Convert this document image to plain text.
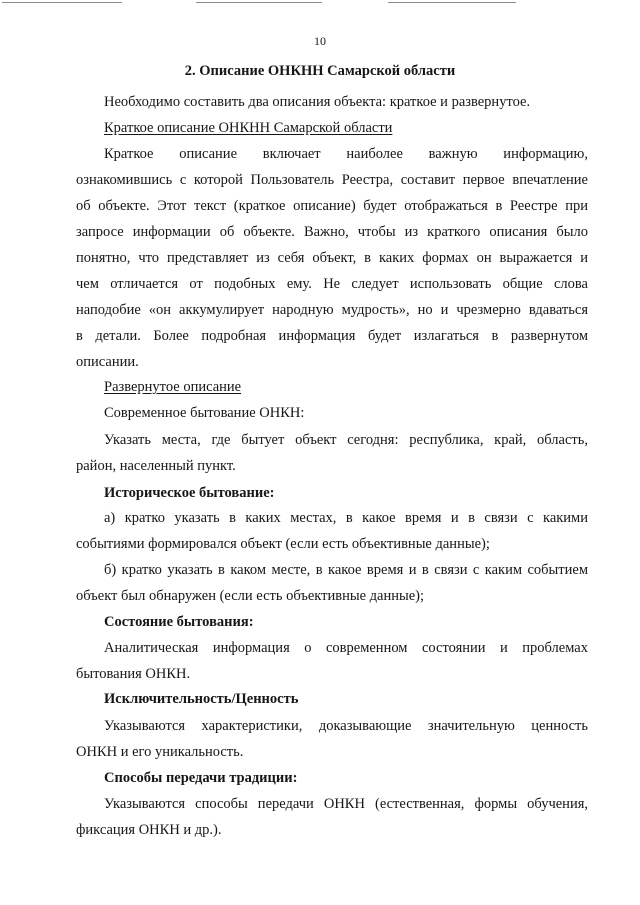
10
2. Описание ОНКНН Самарской области
Необходимо составить два описания объекта: краткое и развернутое.
Краткое описание ОНКНН Самарской области
Краткое описание включает наиболее важную информацию,
ознакомившись с которой Пользователь Реестра, составит первое впечатление
об объекте. Этот текст (краткое описание) будет отображаться в Реестре при
запросе информации об объекте. Важно, чтобы из краткого описания было
понятно, что представляет из себя объект, в каких формах он выражается и
чем отличается от подобных ему. Не следует использовать общие слова
наподобие «он аккумулирует народную мудрость», но и чрезмерно вдаваться
в детали. Более подробная информация будет излагаться в развернутом
описании.
Развернутое описание
Современное бытование ОНКН:
Указать места, где бытует объект сегодня: республика, край, область,
район, населенный пункт.
Историческое бытование:
а) кратко указать в каких местах, в какое время и в связи с какими
событиями формировался объект (если есть объективные данные);
б) кратко указать в каком месте, в какое время и в связи с каким событием
объект был обнаружен (если есть объективные данные);
Состояние бытования:
Аналитическая информация о современном состоянии и проблемах
бытования ОНКН.
Исключительность/Ценность
Указываются характеристики, доказывающие значительную ценность
ОНКН и его уникальность.
Способы передачи традиции:
Указываются способы передачи ОНКН (естественная, формы обучения,
фиксация ОНКН и др.).
